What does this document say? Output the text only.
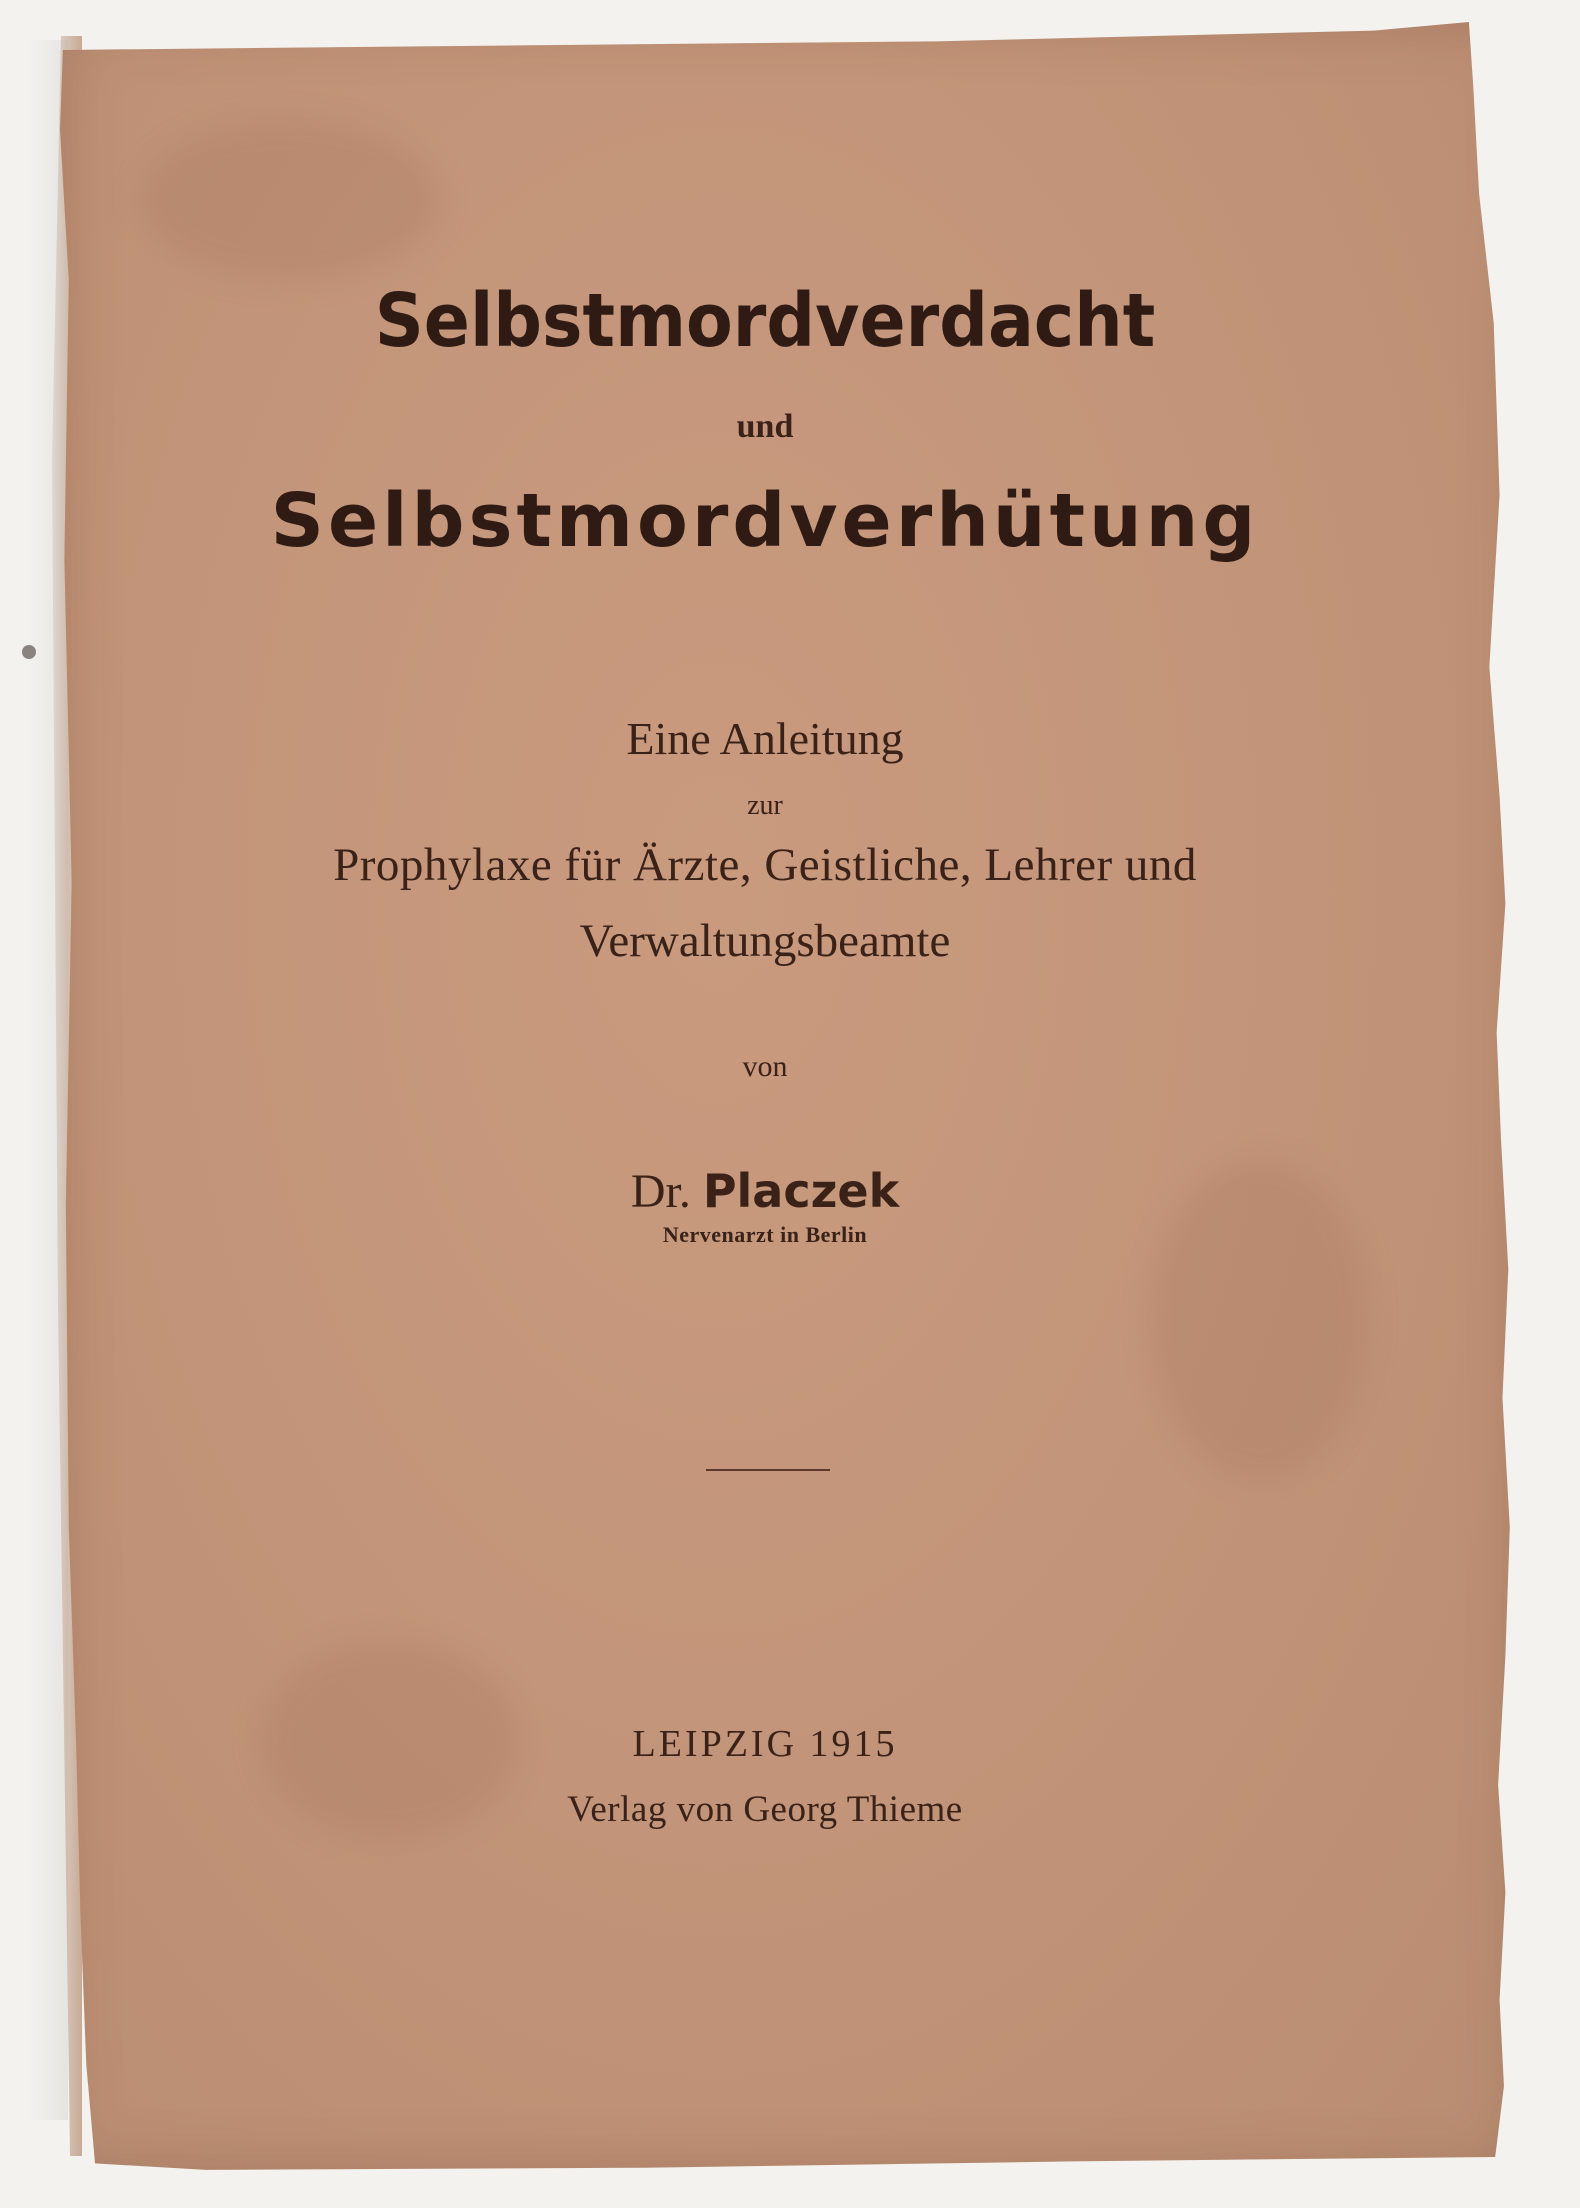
Selbstmordverdacht
und
Selbstmordverhütung
Eine Anleitung
zur
Prophylaxe für Ärzte, Geistliche, Lehrer und
Verwaltungsbeamte
von
Dr. Placzek
Nervenarzt in Berlin
LEIPZIG 1915
Verlag von Georg Thieme
